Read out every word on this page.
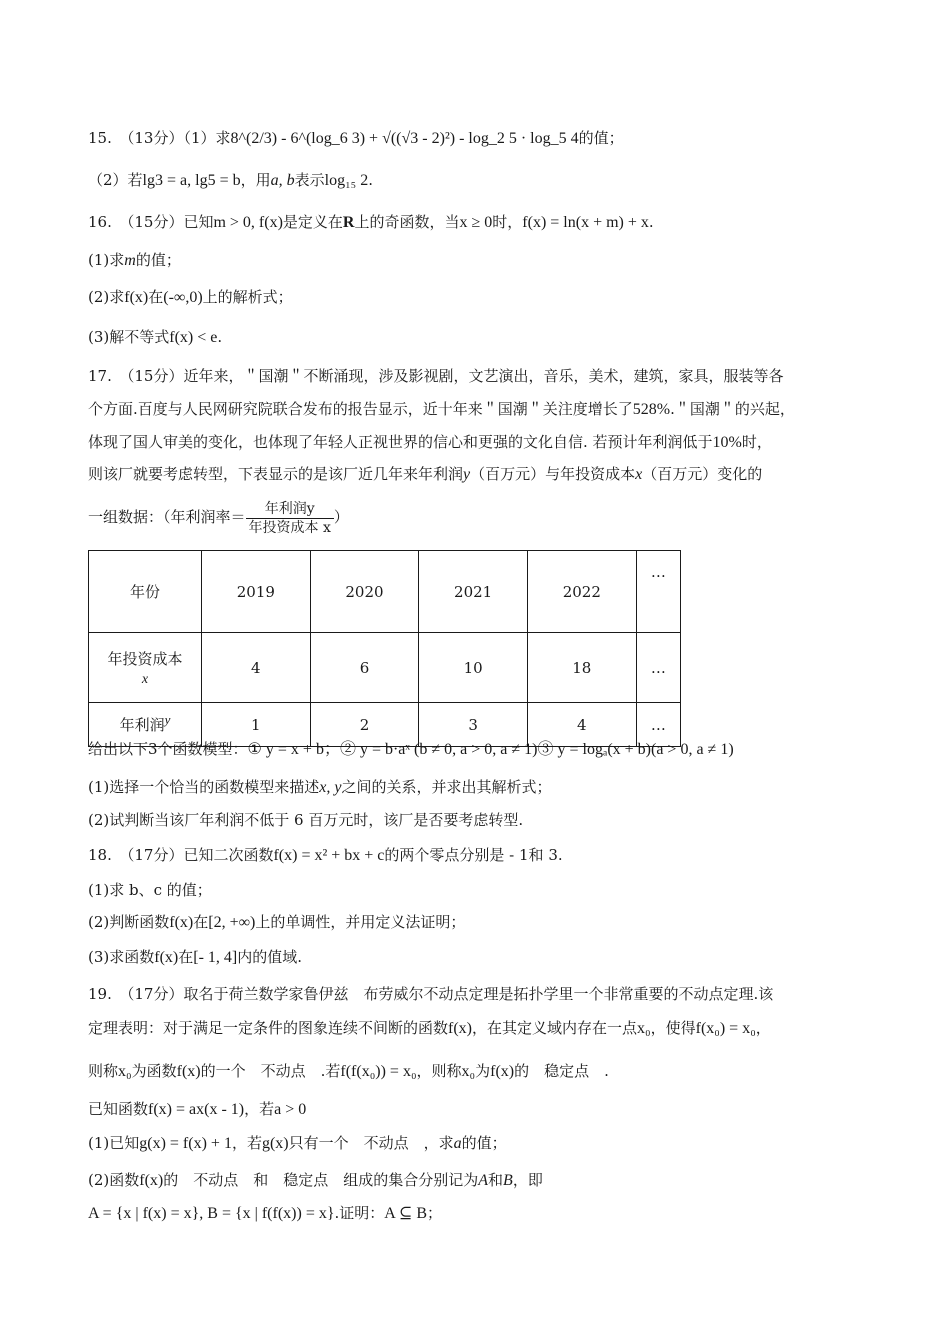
15.　（13分）（1）求8^(2/3) - 6^(log_6 3) + √((√3 - 2)²) - log_2 5 · log_5 4的值；
（2）若lg3 = a, lg5 = b，用a, b表示log₁₅ 2.
16.　（15分）已知m > 0, f(x)是定义在R上的奇函数，当x ≥ 0时，f(x) = ln(x + m) + x.
(1)求m的值；
(2)求f(x)在(-∞,0)上的解析式；
(3)解不等式f(x) < e.
17.　（15分）近年来，＂国潮＂不断涌现，涉及影视剧，文艺演出，音乐，美术，建筑，家具，服装等各
个方面.百度与人民网研究院联合发布的报告显示，近十年来＂国潮＂关注度增长了528%.＂国潮＂的兴起，
体现了国人审美的变化，也体现了年轻人正视世界的信心和更强的文化自信. 若预计年利润低于10%时，
则该厂就要考虑转型，下表显示的是该厂近几年来年利润y（百万元）与年投资成本x（百万元）变化的
一组数据：（年利润率＝ $\frac{\text{年利润y}}{\text{年投资成本 x}}$ ）
年份	2019	2020	2021	2022	…
年投资成本
x	4	6	10	18	…
年利润$^y$	1	2	3	4	…
给出以下3个函数模型：① y = x + b；② y = b·aˣ (b ≠ 0, a > 0, a ≠ 1)③ y = logₐ(x + b)(a > 0, a ≠ 1)
(1)选择一个恰当的函数模型来描述x, y之间的关系，并求出其解析式；
(2)试判断当该厂年利润不低于 6 百万元时，该厂是否要考虑转型.
18.　（17分）已知二次函数f(x) = x² + bx + c的两个零点分别是 - 1和 3.
(1)求 b、c 的值；
(2)判断函数f(x)在[2, +∞)上的单调性，并用定义法证明；
(3)求函数f(x)在[- 1, 4]内的值域.
19.　（17分）取名于荷兰数学家鲁伊兹　布劳威尔不动点定理是拓扑学里一个非常重要的不动点定理.该
定理表明：对于满足一定条件的图象连续不间断的函数f(x)，在其定义域内存在一点x₀，使得f(x₀) = x₀，
则称x₀为函数f(x)的一个　不动点　.若f(f(x₀)) = x₀，则称x₀为f(x)的　稳定点　.
已知函数f(x) = ax(x - 1)，若a > 0
(1)已知g(x) = f(x) + 1，若g(x)只有一个　不动点　，求a的值；
(2)函数f(x)的　不动点　和　稳定点　组成的集合分别记为A和B，即
A = {x | f(x) = x}, B = {x | f(f(x)) = x}.证明：A ⊆ B；
